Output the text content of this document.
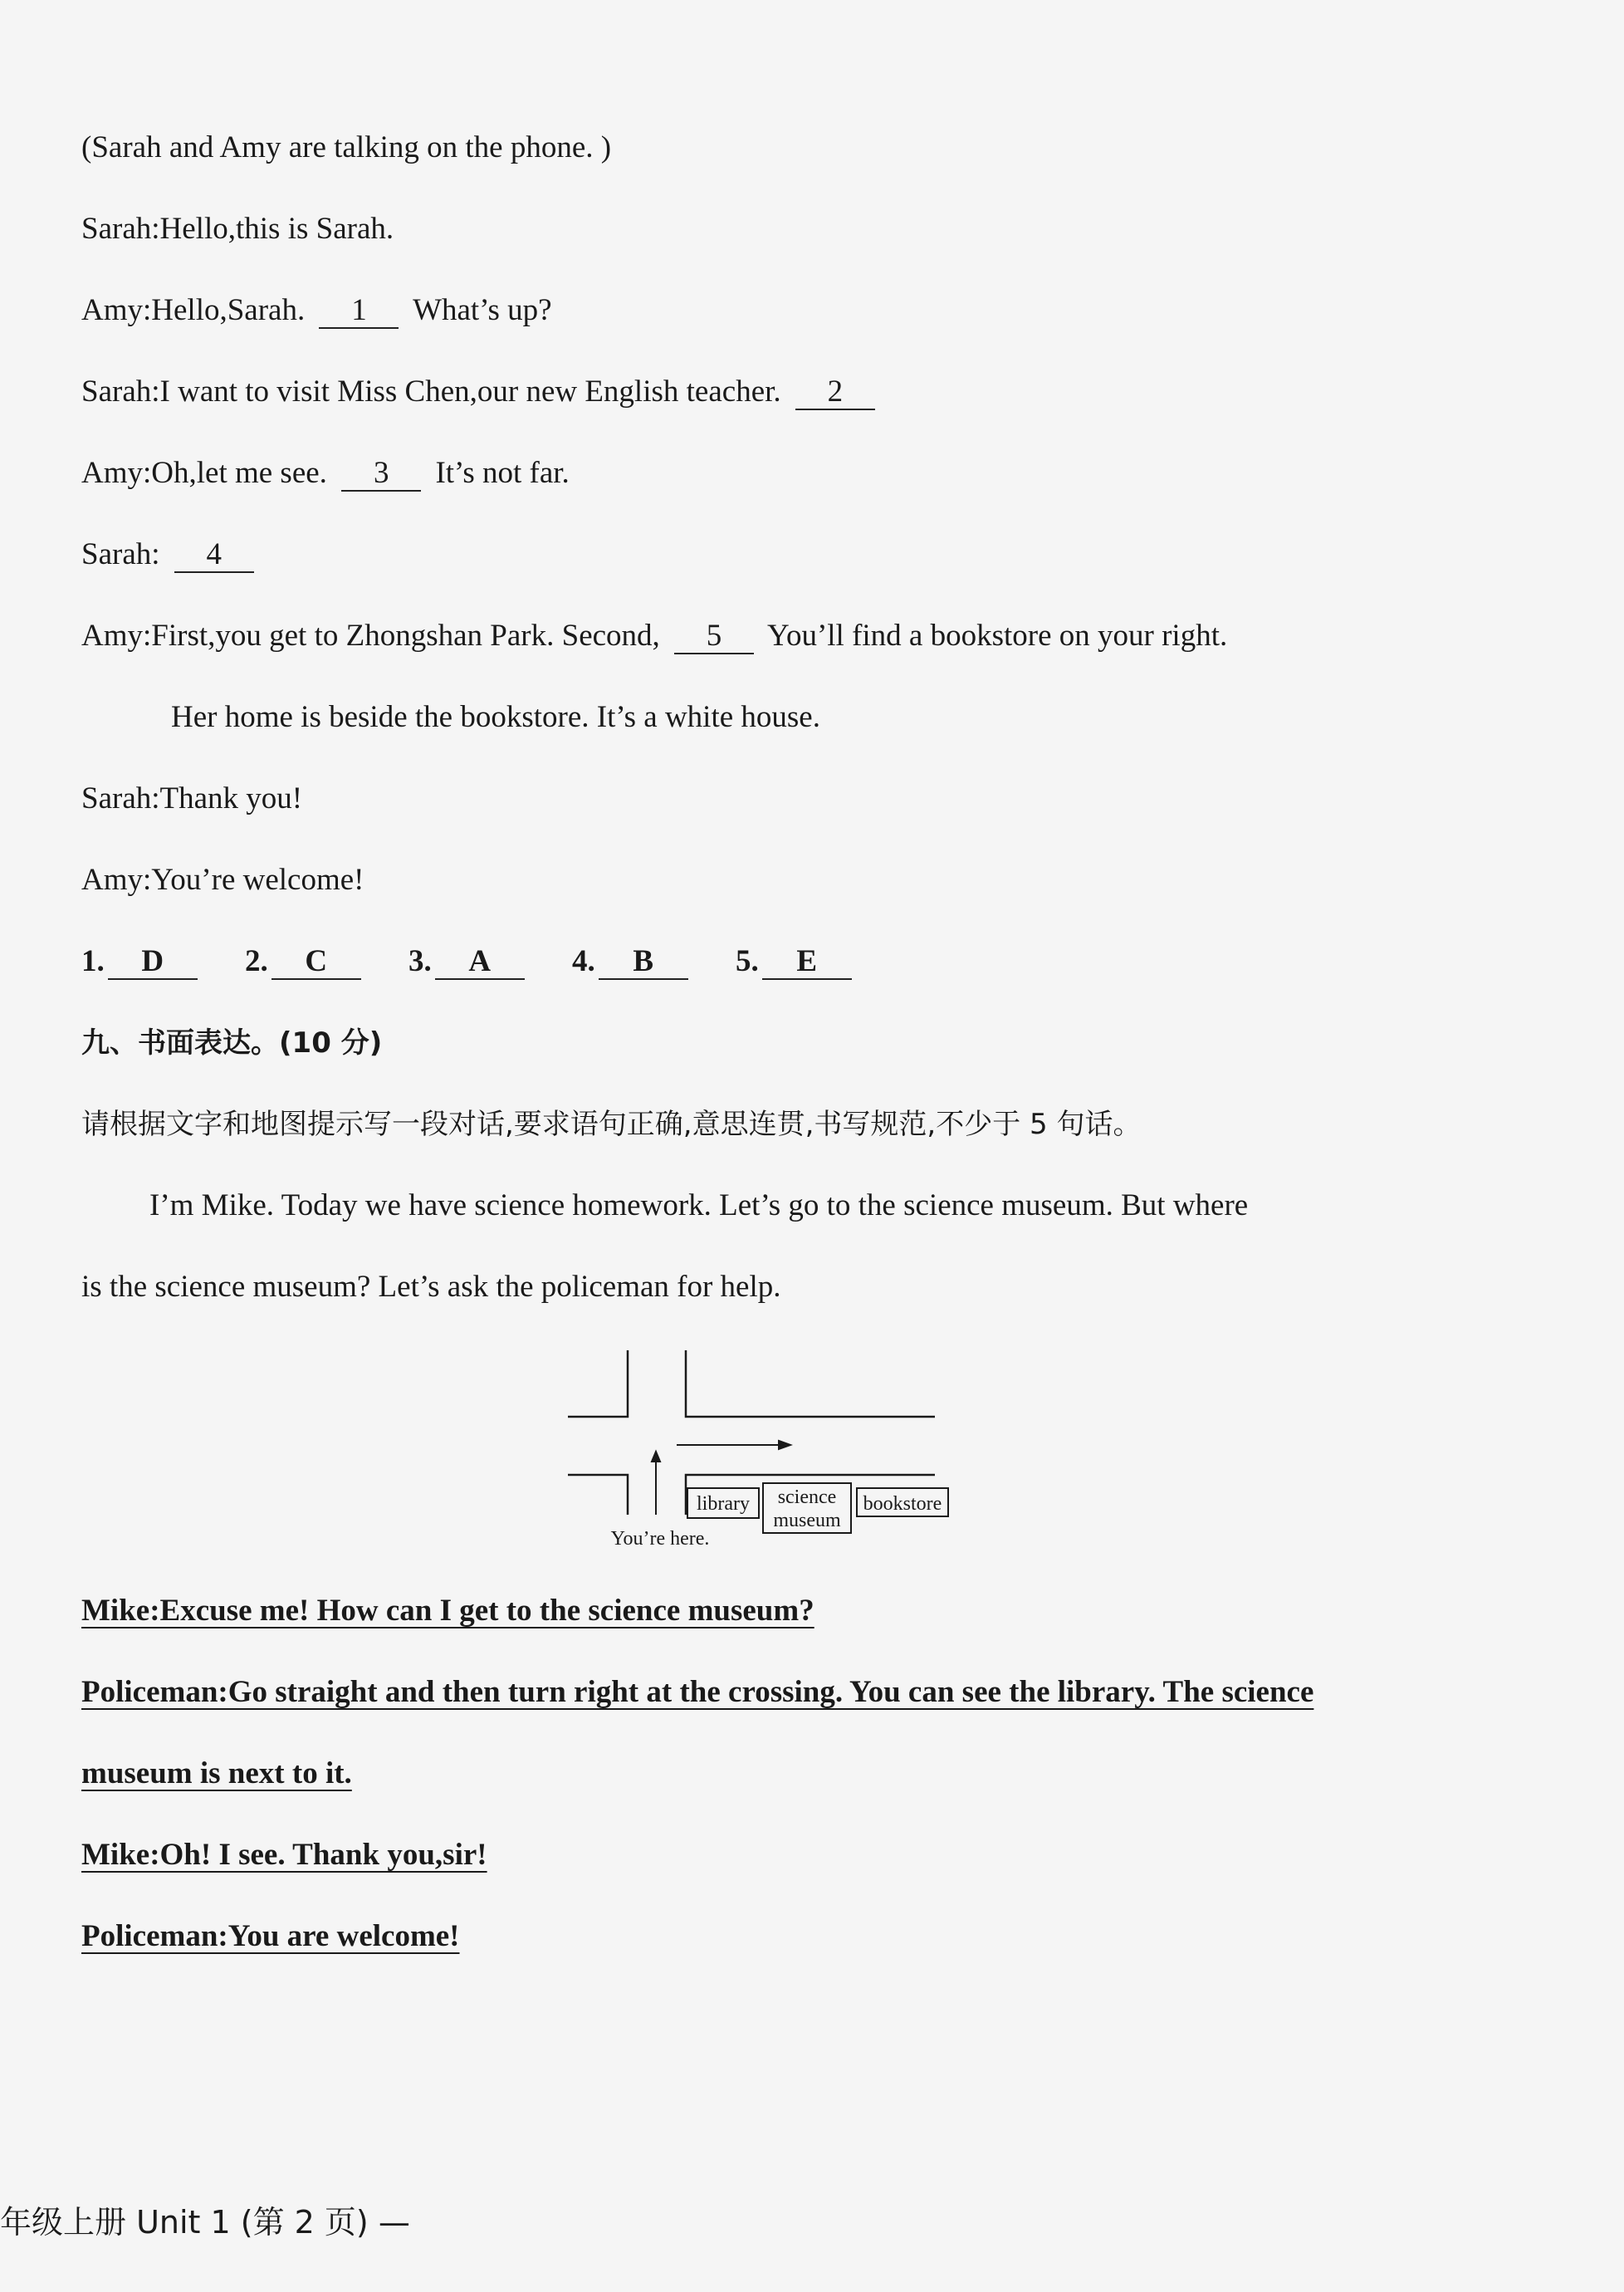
(Sarah and Amy are talking on the phone. )
Sarah:Hello,this is Sarah.
Amy:Hello,Sarah. 1 What’s up?
Sarah:I want to visit Miss Chen,our new English teacher. 2
Amy:Oh,let me see. 3 It’s not far.
Sarah: 4
Amy:First,you get to Zhongshan Park. Second, 5 You’ll find a bookstore on your right.
Her home is beside the bookstore. It’s a white house.
Sarah:Thank you!
Amy:You’re welcome!
1. D	2. C	3. A	4. B	5. E
九、书面表达。(10 分)
请根据文字和地图提示写一段对话,要求语句正确,意思连贯,书写规范,不少于 5 句话。
I’m Mike. Today we have science homework. Let’s go to the science museum. But where
is the science museum? Let’s ask the policeman for help.
library science
museum
bookstore
You’re here.
Mike:Excuse me! How can I get to the science museum?
Policeman:Go straight and then turn right at the crossing. You can see the library. The science
museum is next to it.
Mike:Oh! I see. Thank you,sir!
Policeman:You are welcome!
年级上册 Unit 1 (第 2 页) —
